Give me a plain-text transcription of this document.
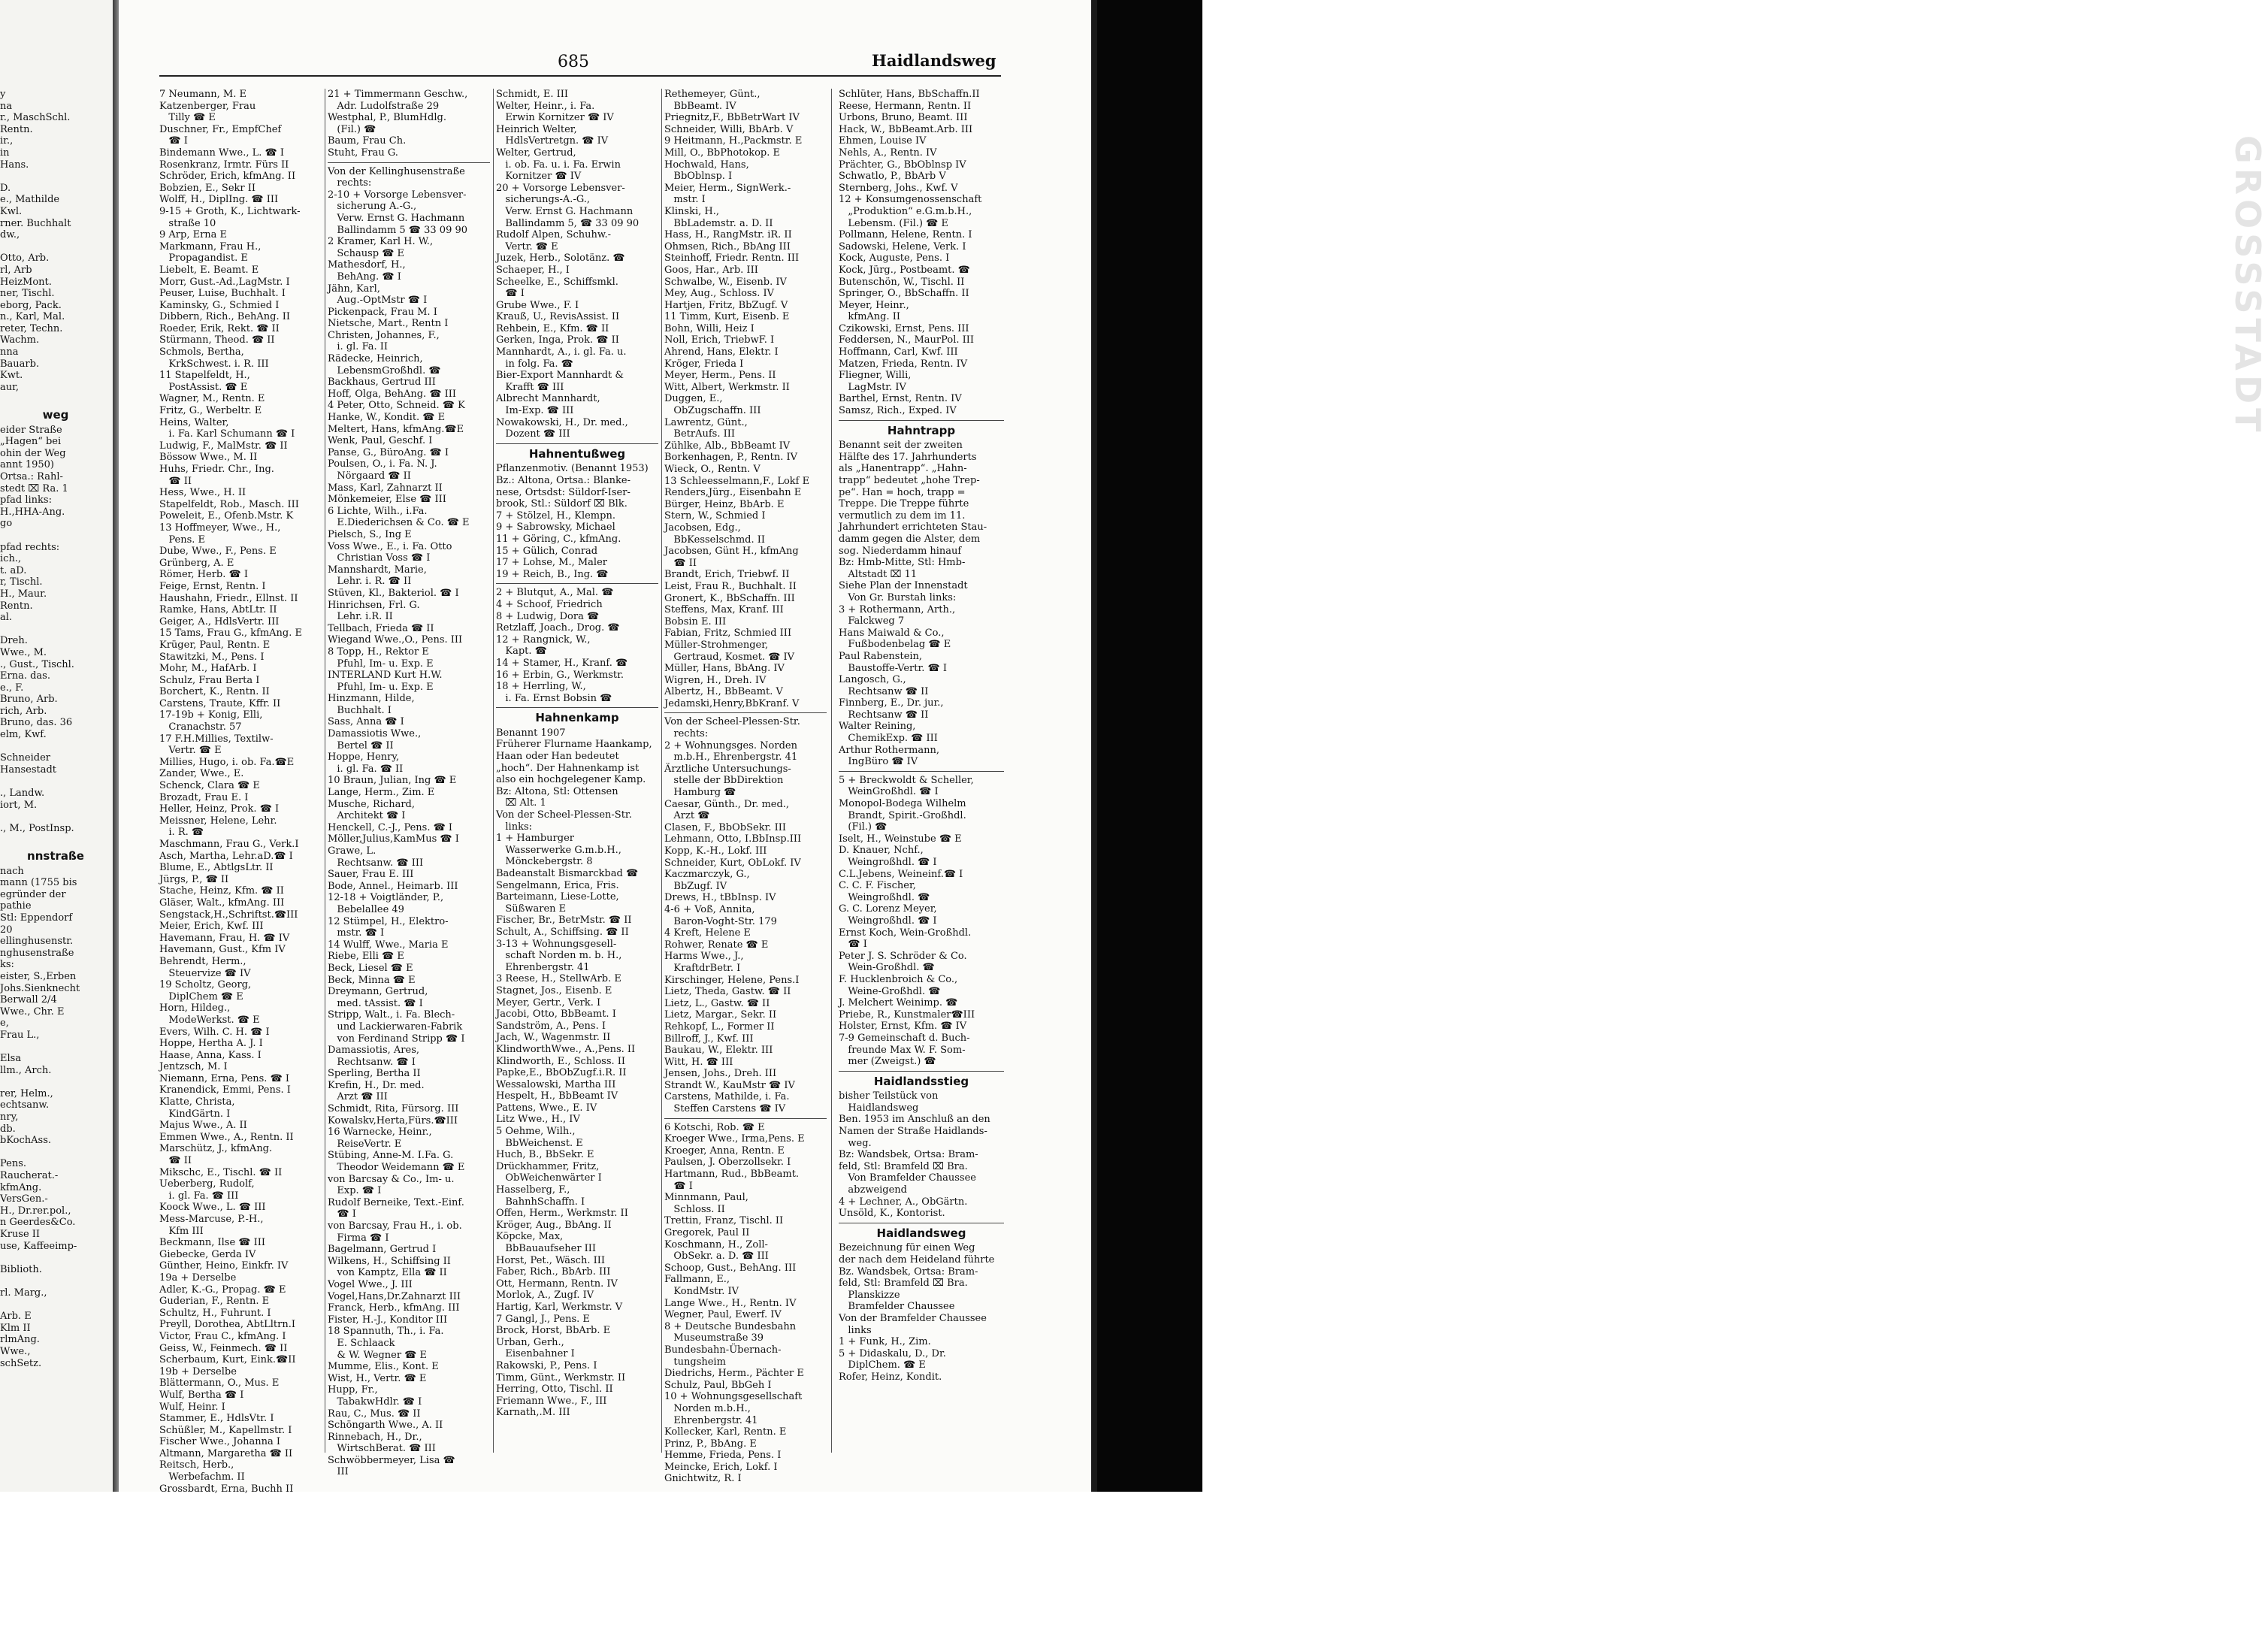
GROSSSTADT
685	Haidlandsweg
y
na
r., MaschSchl.
Rentn.
ir.,
in
Hans.

D.
e., Mathilde
Kwl.
rner. Buchhalt
dw.,

Otto, Arb.
rl, Arb
HeizMont.
ner, Tischl.
eborg, Pack.
n., Karl, Mal.
reter, Techn.
Wachm.
nna
Bauarb.
Kwt.
aur,

weg
eider Straße
„Hagen“ bei
ohin der Weg
annt 1950)
Ortsa.: Rahl-
stedt ⌧ Ra. 1
pfad links:
H.,HHA-Ang.
go

pfad rechts:
ich.,
t. aD.
r, Tischl.
H., Maur.
Rentn.
al.

Dreh.
Wwe., M.
., Gust., Tischl.
Erna. das.
e., F.
Bruno, Arb.
rich, Arb.
Bruno, das. 36
elm, Kwf.

Schneider
Hansestadt

., Landw.
iort, M.

., M., PostInsp.

nnstraße
nach
mann (1755 bis
egründer der
pathie
Stl: Eppendorf
20
ellinghusenstr.
nghusenstraße
ks:
eister, S.,Erben
Johs.Sienknecht
Berwall 2/4
Wwe., Chr. E
e,
Frau L.,

Elsa
llm., Arch.

rer, Helm.,
echtsanw.
nry,
db.
bKochAss.

Pens.
Raucherat.-
kfmAng.
VersGen.-
H., Dr.rer.pol.,
n Geerdes&Co.
Kruse II
use, Kaffeeimp-

Biblioth.

rl. Marg.,

Arb. E
Klm II
rlmAng.
Wwe.,
schSetz.
7 Neumann, M. E
Katzenberger, Frau
Tilly ☎ E
Duschner, Fr., EmpfChef
☎ I
Bindemann Wwe., L. ☎ I
Rosenkranz, Irmtr. Fürs II
Schröder, Erich, kfmAng. II
Bobzien, E., Sekr II
Wolff, H., DiplIng. ☎ III
9-15 + Groth, K., Lichtwark-
straße 10
9 Arp, Erna E
Markmann, Frau H.,
Propagandist. E
Liebelt, E. Beamt. E
Morr, Gust.-Ad.,LagMstr. I
Peuser, Luise, Buchhalt. I
Kaminsky, G., Schmied I
Dibbern, Rich., BehAng. II
Roeder, Erik, Rekt. ☎ II
Stürmann, Theod. ☎ II
Schmols, Bertha,
KrkSchwest. i. R. III
11 Stapelfeldt, H.,
PostAssist. ☎ E
Wagner, M., Rentn. E
Fritz, G., Werbeltr. E
Heins, Walter,
i. Fa. Karl Schumann ☎ I
Ludwig, F., MalMstr. ☎ II
Bössow Wwe., M. II
Huhs, Friedr. Chr., Ing.
☎ II
Hess, Wwe., H. II
Stapelfeldt, Rob., Masch. III
Poweleit, E., Ofenb.Mstr. K
13 Hoffmeyer, Wwe., H.,
Pens. E
Dube, Wwe., F., Pens. E
Grünberg, A. E
Römer, Herb. ☎ I
Feige, Ernst, Rentn. I
Haushahn, Friedr., Ellnst. II
Ramke, Hans, AbtLtr. II
Geiger, A., HdlsVertr. III
15 Tams, Frau G., kfmAng. E
Krüger, Paul, Rentn. E
Stawitzki, M., Pens. I
Mohr, M., HafArb. I
Schulz, Frau Berta I
Borchert, K., Rentn. II
Carstens, Traute, Kffr. II
17-19b + Konig, Elli,
Cranachstr. 57
17 F.H.Millies, Textilw-
Vertr. ☎ E
Millies, Hugo, i. ob. Fa.☎E
Zander, Wwe., E.
Schenck, Clara ☎ E
Brozadt, Frau E. I
Heller, Heinz, Prok. ☎ I
Meissner, Helene, Lehr.
i. R. ☎
Maschmann, Frau G., Verk.I
Asch, Martha, Lehr.aD.☎ I
Blume, E., AbtlgsLtr. II
Jürgs, P., ☎ II
Stache, Heinz, Kfm. ☎ II
Gläser, Walt., kfmAng. III
Sengstack,H.,Schriftst.☎III
Meier, Erich, Kwf. III
Havemann, Frau, H. ☎ IV
Havemann, Gust., Kfm IV
Behrendt, Herm.,
Steuervize ☎ IV
19 Scholtz, Georg,
DiplChem ☎ E
Horn, Hildeg.,
ModeWerkst. ☎ E
Evers, Wilh. C. H. ☎ I
Hoppe, Hertha A. J. I
Haase, Anna, Kass. I
Jentzsch, M. I
Niemann, Erna, Pens. ☎ I
Kranendick, Emmi, Pens. I
Klatte, Christa,
KindGärtn. I
Majus Wwe., A. II
Emmen Wwe., A., Rentn. II
Marschütz, J., kfmAng.
☎ II
Mikschc, E., Tischl. ☎ II
Ueberberg, Rudolf,
i. gl. Fa. ☎ III
Koock Wwe., L. ☎ III
Mess-Marcuse, P.-H.,
Kfm III
Beckmann, Ilse ☎ III
Giebecke, Gerda IV
Günther, Heino, Einkfr. IV
19a + Derselbe
Adler, K.-G., Propag. ☎ E
Guderian, F., Rentn. E
Schultz, H., Fuhrunt. I
Preyll, Dorothea, AbtLltrn.I
Victor, Frau C., kfmAng. I
Geiss, W., Feinmech. ☎ II
Scherbaum, Kurt, Eink.☎II
19b + Derselbe
Blättermann, O., Mus. E
Wulf, Bertha ☎ I
Wulf, Heinr. I
Stammer, E., HdlsVtr. I
Schüßler, M., Kapellmstr. I
Fischer Wwe., Johanna I
Altmann, Margaretha ☎ II
Reitsch, Herb.,
Werbefachm. II
Grossbardt, Erna, Buchh II
21 + Timmermann Geschw.,
Adr. Ludolfstraße 29
Westphal, P., BlumHdlg.
(Fil.) ☎
Baum, Frau Ch.
Stuht, Frau G.
Von der Kellinghusenstraße
rechts:
2-10 + Vorsorge Lebensver-
sicherung A.-G.,
Verw. Ernst G. Hachmann
Ballindamm 5 ☎ 33 09 90
2 Kramer, Karl H. W.,
Schausp ☎ E
Mathesdorf, H.,
BehAng. ☎ I
Jähn, Karl,
Aug.-OptMstr ☎ I
Pickenpack, Frau M. I
Nietsche, Mart., Rentn I
Christen, Johannes, F.,
i. gl. Fa. II
Rädecke, Heinrich,
LebensmGroßhdl. ☎
Backhaus, Gertrud III
Hoff, Olga, BehAng. ☎ III
4 Peter, Otto, Schneid. ☎ K
Hanke, W., Kondit. ☎ E
Meltert, Hans, kfmAng.☎E
Wenk, Paul, Geschf. I
Panse, G., BüroAng. ☎ I
Poulsen, O., i. Fa. N. J.
Nörgaard ☎ II
Mass, Karl, Zahnarzt II
Mönkemeier, Else ☎ III
6 Lichte, Wilh., i.Fa.
E.Diederichsen & Co. ☎ E
Pielsch, S., Ing E
Voss Wwe., E., i. Fa. Otto
Christian Voss ☎ I
Mannshardt, Marie,
Lehr. i. R. ☎ II
Stüven, Kl., Bakteriol. ☎ I
Hinrichsen, Frl. G.
Lehr. i.R. II
Tellbach, Frieda ☎ II
Wiegand Wwe.,O., Pens. III
8 Topp, H., Rektor E
Pfuhl, Im- u. Exp. E
INTERLAND Kurt H.W.
Pfuhl, Im- u. Exp. E
Hinzmann, Hilde,
Buchhalt. I
Sass, Anna ☎ I
Damassiotis Wwe.,
Bertel ☎ II
Hoppe, Henry,
i. gl. Fa. ☎ II
10 Braun, Julian, Ing ☎ E
Lange, Herm., Zim. E
Musche, Richard,
Architekt ☎ I
Henckell, C.-J., Pens. ☎ I
Möller,Julius,KamMus ☎ I
Grawe, L.
Rechtsanw. ☎ III
Sauer, Frau E. III
Bode, Annel., Heimarb. III
12-18 + Voigtländer, P.,
Bebelallee 49
12 Stümpel, H., Elektro-
mstr. ☎ I
14 Wulff, Wwe., Maria E
Riebe, Elli ☎ E
Beck, Liesel ☎ E
Beck, Minna ☎ E
Dreymann, Gertrud,
med. tAssist. ☎ I
Stripp, Walt., i. Fa. Blech-
und Lackierwaren-Fabrik
von Ferdinand Stripp ☎ I
Damassiotis, Ares,
Rechtsanw. ☎ I
Sperling, Bertha II
Krefin, H., Dr. med.
Arzt ☎ III
Schmidt, Rita, Fürsorg. III
Kowalskv,Herta,Fürs.☎III
16 Warnecke, Heinr.,
ReiseVertr. E
Stübing, Anne-M. I.Fa. G.
Theodor Weidemann ☎ E
von Barcsay & Co., Im- u.
Exp. ☎ I
Rudolf Berneike, Text.-Einf.
☎ I
von Barcsay, Frau H., i. ob.
Firma ☎ I
Bagelmann, Gertrud I
Wilkens, H., Schiffsing II
von Kamptz, Ella ☎ II
Vogel Wwe., J. III
Vogel,Hans,Dr.Zahnarzt III
Franck, Herb., kfmAng. III
Fister, H.-J., Konditor III
18 Spannuth, Th., i. Fa.
E. Schlaack
& W. Wegner ☎ E
Mumme, Elis., Kont. E
Wist, H., Vertr. ☎ E
Hupp, Fr.,
TabakwHdlr. ☎ I
Rau, C., Mus. ☎ II
Schöngarth Wwe., A. II
Rinnebach, H., Dr.,
WirtschBerat. ☎ III
Schwöbbermeyer, Lisa ☎
III
Schmidt, E. III
Welter, Heinr., i. Fa.
Erwin Kornitzer ☎ IV
Heinrich Welter,
HdlsVertretgn. ☎ IV
Welter, Gertrud,
i. ob. Fa. u. i. Fa. Erwin
Kornitzer ☎ IV
20 + Vorsorge Lebensver-
sicherungs-A.-G.,
Verw. Ernst G. Hachmann
Ballindamm 5, ☎ 33 09 90
Rudolf Alpen, Schuhw.-
Vertr. ☎ E
Juzek, Herb., Solotänz. ☎
Schaeper, H., I
Scheelke, E., Schiffsmkl.
☎ I
Grube Wwe., F. I
Krauß, U., RevisAssist. II
Rehbein, E., Kfm. ☎ II
Gerken, Inga, Prok. ☎ II
Mannhardt, A., i. gl. Fa. u.
in folg. Fa. ☎
Bier-Export Mannhardt &
Krafft ☎ III
Albrecht Mannhardt,
Im-Exp. ☎ III
Nowakowski, H., Dr. med.,
Dozent ☎ III
Hahnentußweg
Pflanzenmotiv. (Benannt 1953)
Bz.: Altona, Ortsa.: Blanke-
nese, Ortsdst: Süldorf-Iser-
brook, Stl.: Süldorf ⌧ Blk.
7 + Stölzel, H., Klempn.
9 + Sabrowsky, Michael
11 + Göring, C., kfmAng.
15 + Gülich, Conrad
17 + Lohse, M., Maler
19 + Reich, B., Ing. ☎
2 + Blutqut, A., Mal. ☎
4 + Schoof, Friedrich
8 + Ludwig, Dora ☎
Retzlaff, Joach., Drog. ☎
12 + Rangnick, W.,
Kapt. ☎
14 + Stamer, H., Kranf. ☎
16 + Erbin, G., Werkmstr.
18 + Herrling, W.,
i. Fa. Ernst Bobsin ☎
Hahnenkamp
Benannt 1907
Früherer Flurname Haankamp,
Haan oder Han bedeutet
„hoch“. Der Hahnenkamp ist
also ein hochgelegener Kamp.
Bz: Altona, Stl: Ottensen
⌧ Alt. 1
Von der Scheel-Plessen-Str.
links:
1 + Hamburger
Wasserwerke G.m.b.H.,
Mönckebergstr. 8
Badeanstalt Bismarckbad ☎
Sengelmann, Erica, Fris.
Barteimann, Liese-Lotte,
Süßwaren E
Fischer, Br., BetrMstr. ☎ II
Schult, A., Schiffsing. ☎ II
3-13 + Wohnungsgesell-
schaft Norden m. b. H.,
Ehrenbergstr. 41
3 Reese, H., StellwArb. E
Stagnet, Jos., Eisenb. E
Meyer, Gertr., Verk. I
Jacobi, Otto, BbBeamt. I
Sandström, A., Pens. I
Jach, W., Wagenmstr. II
KlindworthWwe., A.,Pens. II
Klindworth, E., Schloss. II
Papke,E., BbObZugf.i.R. II
Wessalowski, Martha III
Hespelt, H., BbBeamt IV
Pattens, Wwe., E. IV
Litz Wwe., H., IV
5 Oehme, Wilh.,
BbWeichenst. E
Huch, B., BbSekr. E
Drückhammer, Fritz,
ObWeichenwärter I
Hasselberg, F.,
BahnhSchaffn. I
Offen, Herm., Werkmstr. II
Kröger, Aug., BbAng. II
Köpcke, Max,
BbBauaufseher III
Horst, Pet., Wäsch. III
Faber, Rich., BbArb. III
Ott, Hermann, Rentn. IV
Morlok, A., Zugf. IV
Hartig, Karl, Werkmstr. V
7 Gangl, J., Pens. E
Brock, Horst, BbArb. E
Urban, Gerh.,
Eisenbahner I
Rakowski, P., Pens. I
Timm, Günt., Werkmstr. II
Herring, Otto, Tischl. II
Friemann Wwe., F., III
Karnath,.M. III
Rethemeyer, Günt.,
BbBeamt. IV
Priegnitz,F., BbBetrWart IV
Schneider, Willi, BbArb. V
9 Heitmann, H.,Packmstr. E
Mill, O., BbPhotokop. E
Hochwald, Hans,
BbOblnsp. I
Meier, Herm., SignWerk.-
mstr. I
Klinski, H.,
BbLademstr. a. D. II
Hass, H., RangMstr. iR. II
Ohmsen, Rich., BbAng III
Steinhoff, Friedr. Rentn. III
Goos, Har., Arb. III
Schwalbe, W., Eisenb. IV
Mey, Aug., Schloss. IV
Hartjen, Fritz, BbZugf. V
11 Timm, Kurt, Eisenb. E
Bohn, Willi, Heiz I
Noll, Erich, TriebwF. I
Ahrend, Hans, Elektr. I
Kröger, Frieda I
Meyer, Herm., Pens. II
Witt, Albert, Werkmstr. II
Duggen, E.,
ObZugschaffn. III
Lawrentz, Günt.,
BetrAufs. III
Zühlke, Alb., BbBeamt IV
Borkenhagen, P., Rentn. IV
Wieck, O., Rentn. V
13 Schleesselmann,F., Lokf E
Renders,Jürg., Eisenbahn E
Bürger, Heinz, BbArb. E
Stern, W., Schmied I
Jacobsen, Edg.,
BbKesselschmd. II
Jacobsen, Günt H., kfmAng
☎ II
Brandt, Erich, Triebwf. II
Leist, Frau R., Buchhalt. II
Gronert, K., BbSchaffn. III
Steffens, Max, Kranf. III
Bobsin E. III
Fabian, Fritz, Schmied III
Müller-Strohmenger,
Gertraud, Kosmet. ☎ IV
Müller, Hans, BbAng. IV
Wigren, H., Dreh. IV
Albertz, H., BbBeamt. V
Jedamski,Henry,BbKranf. V
Von der Scheel-Plessen-Str.
rechts:
2 + Wohnungsges. Norden
m.b.H., Ehrenbergstr. 41
Ärztliche Untersuchungs-
stelle der BbDirektion
Hamburg ☎
Caesar, Günth., Dr. med.,
Arzt ☎
Clasen, F., BbObSekr. III
Lehmann, Otto, I.BbInsp.III
Kopp, K.-H., Lokf. III
Schneider, Kurt, ObLokf. IV
Kaczmarczyk, G.,
BbZugf. IV
Drews, H., tBbInsp. IV
4-6 + Voß, Annita,
Baron-Voght-Str. 179
4 Kreft, Helene E
Rohwer, Renate ☎ E
Harms Wwe., J.,
KraftdrBetr. I
Kirschinger, Helene, Pens.I
Lietz, Theda, Gastw. ☎ II
Lietz, L., Gastw. ☎ II
Lietz, Margar., Sekr. II
Rehkopf, L., Former II
Billroff, J., Kwf. III
Baukau, W., Elektr. III
Witt, H. ☎ III
Jensen, Johs., Dreh. III
Strandt W., KauMstr ☎ IV
Carstens, Mathilde, i. Fa.
Steffen Carstens ☎ IV
6 Kotschi, Rob. ☎ E
Kroeger Wwe., Irma,Pens. E
Kroeger, Anna, Rentn. E
Paulsen, J. Oberzollsekr. I
Hartmann, Rud., BbBeamt.
☎ I
Minnmann, Paul,
Schloss. II
Trettin, Franz, Tischl. II
Gregorek, Paul II
Koschmann, H., Zoll-
ObSekr. a. D. ☎ III
Schoop, Gust., BehAng. III
Fallmann, E.,
KondMstr. IV
Lange Wwe., H., Rentn. IV
Wegner, Paul, Ewerf. IV
8 + Deutsche Bundesbahn
Museumstraße 39
Bundesbahn-Übernach-
tungsheim
Diedrichs, Herm., Pächter E
Schulz, Paul, BbGeh I
10 + Wohnungsgesellschaft
Norden m.b.H.,
Ehrenbergstr. 41
Kollecker, Karl, Rentn. E
Prinz, P., BbAng. E
Hemme, Frieda, Pens. I
Meincke, Erich, Lokf. I
Gnichtwitz, R. I
Schlüter, Hans, BbSchaffn.II
Reese, Hermann, Rentn. II
Urbons, Bruno, Beamt. III
Hack, W., BbBeamt.Arb. III
Ehmen, Louise IV
Nehls, A., Rentn. IV
Prächter, G., BbOblnsp IV
Schwatlo, P., BbArb V
Sternberg, Johs., Kwf. V
12 + Konsumgenossenschaft
„Produktion“ e.G.m.b.H.,
Lebensm. (Fil.) ☎ E
Pollmann, Helene, Rentn. I
Sadowski, Helene, Verk. I
Kock, Auguste, Pens. I
Kock, Jürg., Postbeamt. ☎
Butenschön, W., Tischl. II
Springer, O., BbSchaffn. II
Meyer, Heinr.,
kfmAng. II
Czikowski, Ernst, Pens. III
Feddersen, N., MaurPol. III
Hoffmann, Carl, Kwf. III
Matzen, Frieda, Rentn. IV
Fliegner, Willi,
LagMstr. IV
Barthel, Ernst, Rentn. IV
Samsz, Rich., Exped. IV
Hahntrapp
Benannt seit der zweiten
Hälfte des 17. Jahrhunderts
als „Hanentrapp“. „Hahn-
trapp“ bedeutet „hohe Trep-
pe“. Han = hoch, trapp =
Treppe. Die Treppe führte
vermutlich zu dem im 11.
Jahrhundert errichteten Stau-
damm gegen die Alster, dem
sog. Niederdamm hinauf
Bz: Hmb-Mitte, Stl: Hmb-
Altstadt ⌧ 11
Siehe Plan der Innenstadt
Von Gr. Burstah links:
3 + Rothermann, Arth.,
Falckweg 7
Hans Maiwald & Co.,
Fußbodenbelag ☎ E
Paul Rabenstein,
Baustoffe-Vertr. ☎ I
Langosch, G.,
Rechtsanw ☎ II
Finnberg, E., Dr. jur.,
Rechtsanw ☎ II
Walter Reining,
ChemikExp. ☎ III
Arthur Rothermann,
IngBüro ☎ IV
5 + Breckwoldt & Scheller,
WeinGroßhdl. ☎ I
Monopol-Bodega Wilhelm
Brandt, Spirit.-Großhdl.
(Fil.) ☎
Iselt, H., Weinstube ☎ E
D. Knauer, Nchf.,
Weingroßhdl. ☎ I
C.L.Jebens, Weineinf.☎ I
C. C. F. Fischer,
Weingroßhdl. ☎
G. C. Lorenz Meyer,
Weingroßhdl. ☎ I
Ernst Koch, Wein-Großhdl.
☎ I
Peter J. S. Schröder & Co.
Wein-Großhdl. ☎
F. Hucklenbroich & Co.,
Weine-Großhdl. ☎
J. Melchert Weinimp. ☎
Priebe, R., Kunstmaler☎III
Holster, Ernst, Kfm. ☎ IV
7-9 Gemeinschaft d. Buch-
freunde Max W. F. Som-
mer (Zweigst.) ☎
Haidlandsstieg
bisher Teilstück von
Haidlandsweg
Ben. 1953 im Anschluß an den
Namen der Straße Haidlands-
weg.
Bz: Wandsbek, Ortsa: Bram-
feld, Stl: Bramfeld ⌧ Bra.
Von Bramfelder Chaussee
abzweigend
4 + Lechner, A., ObGärtn.
Unsöld, K., Kontorist.
Haidlandsweg
Bezeichnung für einen Weg
der nach dem Heideland führte
Bz. Wandsbek, Ortsa: Bram-
feld, Stl: Bramfeld ⌧ Bra.
Planskizze
Bramfelder Chaussee
Von der Bramfelder Chaussee
links
1 + Funk, H., Zim.
5 + Didaskalu, D., Dr.
DiplChem. ☎ E
Rofer, Heinz, Kondit.
